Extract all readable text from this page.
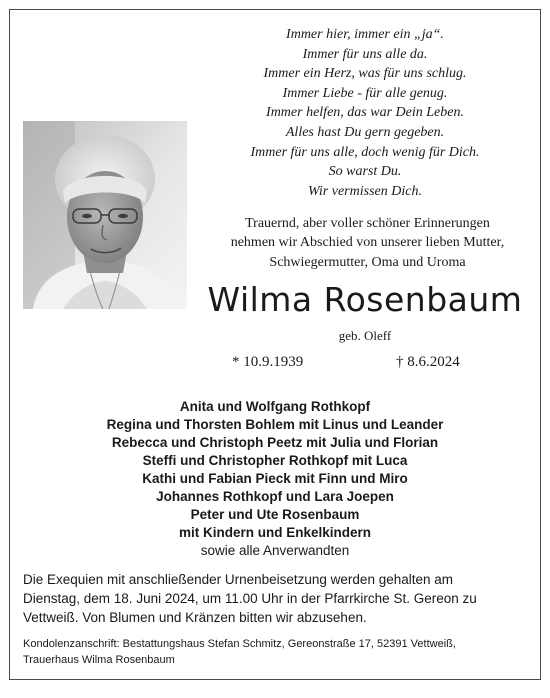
Immer hier, immer ein „ja“.
Immer für uns alle da.
Immer ein Herz, was für uns schlug.
Immer Liebe - für alle genug.
Immer helfen, das war Dein Leben.
Alles hast Du gern gegeben.
Immer für uns alle, doch wenig für Dich.
So warst Du.
Wir vermissen Dich.
Trauernd, aber voller schöner Erinnerungen
nehmen wir Abschied von unserer lieben Mutter,
Schwiegermutter, Oma und Uroma
Wilma Rosenbaum
geb. Oleff
* 10.9.1939	† 8.6.2024
Anita und Wolfgang Rothkopf
Regina und Thorsten Bohlem mit Linus und Leander
Rebecca und Christoph Peetz mit Julia und Florian
Steffi und Christopher Rothkopf mit Luca
Kathi und Fabian Pieck mit Finn und Miro
Johannes Rothkopf und Lara Joepen
Peter und Ute Rosenbaum
mit Kindern und Enkelkindern
sowie alle Anverwandten
Die Exequien mit anschließender Urnenbeisetzung werden gehalten am
Dienstag, dem 18. Juni 2024, um 11.00 Uhr in der Pfarrkirche St. Gereon zu
Vettweiß. Von Blumen und Kränzen bitten wir abzusehen.
Kondolenzanschrift: Bestattungshaus Stefan Schmitz, Gereonstraße 17, 52391 Vettweiß,
Trauerhaus Wilma Rosenbaum
